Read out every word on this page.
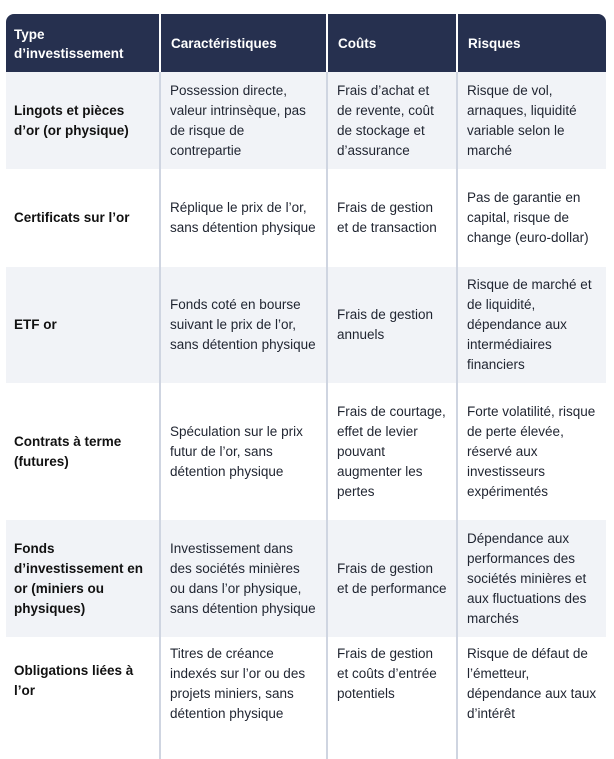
Type d’investissement	Caractéristiques	Coûts	Risques
Lingots et pièces d’or (or physique)	Possession directe, valeur intrinsèque, pas de risque de contrepartie	Frais d’achat et de revente, coût de stockage et d’assurance	Risque de vol, arnaques, liquidité variable selon le marché
Certificats sur l’or	Réplique le prix de l’or, sans détention physique	Frais de gestion et de transaction	Pas de garantie en capital, risque de change (euro-dollar)
ETF or	Fonds coté en bourse suivant le prix de l’or, sans détention physique	Frais de gestion annuels	Risque de marché et de liquidité, dépendance aux intermédiaires financiers
Contrats à terme (futures)	Spéculation sur le prix futur de l’or, sans détention physique	Frais de courtage, effet de levier pouvant augmenter les pertes	Forte volatilité, risque de perte élevée, réservé aux investisseurs expérimentés
Fonds d’investissement en or (miniers ou physiques)	Investissement dans des sociétés minières ou dans l’or physique, sans détention physique	Frais de gestion et de performance	Dépendance aux performances des sociétés minières et aux fluctuations des marchés
Obligations liées à l’or	Titres de créance indexés sur l’or ou des projets miniers, sans détention physique	Frais de gestion et coûts d’entrée potentiels	Risque de défaut de l’émetteur, dépendance aux taux d’intérêt
